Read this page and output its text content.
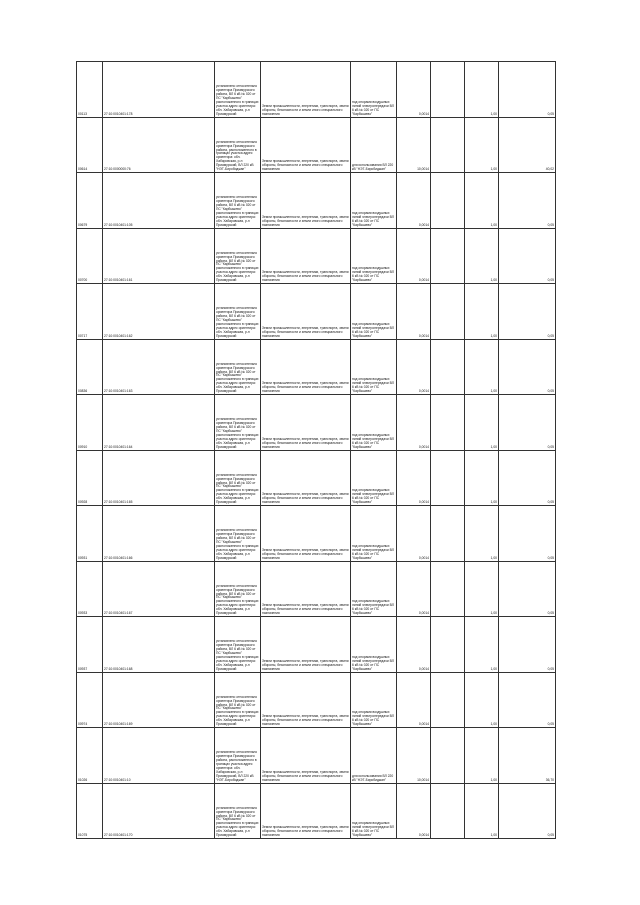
00113	27:10:0010401:178	установлено относительно ориентира Приамурского района, ВЛ 6 кВ № 020 от ПС "Карбышево" расположенного в границах участка адрес ориентира: обл. Хабаровская, р-н Приамурский	Земли промышленности, энергетики, транспорта, земли обороны, безопасности и земли иного специального назначения	под опорами воздушных линий электропередачи ВЛ 6 кВ № 020 от ПС "Карбышево"	0,0014		1,00	0,05
00614	27:10:0000000:76	установлено относительно ориентира Приамурского района, расположенного в границах участка адрес ориентира: обл. Хабаровская, р-н Приамурский, ВЛ 220 кВ "НЭТ-Биробиджан"	Земли промышленности, энергетики, транспорта, земли обороны, безопасности и земли иного специального назначения	для использования ВЛ 220 кВ "НЭТ-Биробиджан"	10,0014		1,00	40,02
00679	27:10:0010401:105	установлено относительно ориентира Приамурского района, ВЛ 6 кВ № 020 от ПС "Карбышево" расположенного в границах участка адрес ориентира: обл. Хабаровская, р-н Приамурский	Земли промышленности, энергетики, транспорта, земли обороны, безопасности и земли иного специального назначения	под опорами воздушных линий электропередачи ВЛ 6 кВ № 020 от ПС "Карбышево"	0,0014		1,00	0,05
00700	27:10:0010401:161	установлено относительно ориентира Приамурского района, ВЛ 6 кВ № 020 от ПС "Карбышево" расположенного в границах участка адрес ориентира: обл. Хабаровская, р-н Приамурский	Земли промышленности, энергетики, транспорта, земли обороны, безопасности и земли иного специального назначения	под опорами воздушных линий электропередачи ВЛ 6 кВ № 020 от ПС "Карбышево"	0,0014		1,00	0,05
00717	27:10:0010401:162	установлено относительно ориентира Приамурского района, ВЛ 6 кВ № 020 от ПС "Карбышево" расположенного в границах участка адрес ориентира: обл. Хабаровская, р-н Приамурский	Земли промышленности, энергетики, транспорта, земли обороны, безопасности и земли иного специального назначения	под опорами воздушных линий электропередачи ВЛ 6 кВ № 020 от ПС "Карбышево"	0,0014		1,00	0,05
00836	27:10:0010401:163	установлено относительно ориентира Приамурского района, ВЛ 6 кВ № 020 от ПС "Карбышево" расположенного в границах участка адрес ориентира: обл. Хабаровская, р-н Приамурский	Земли промышленности, энергетики, транспорта, земли обороны, безопасности и земли иного специального назначения	под опорами воздушных линий электропередачи ВЛ 6 кВ № 020 от ПС "Карбышево"	0,0014		1,00	0,05
00910	27:10:0010401:164	установлено относительно ориентира Приамурского района, ВЛ 6 кВ № 020 от ПС "Карбышево" расположенного в границах участка адрес ориентира: обл. Хабаровская, р-н Приамурский	Земли промышленности, энергетики, транспорта, земли обороны, безопасности и земли иного специального назначения	под опорами воздушных линий электропередачи ВЛ 6 кВ № 020 от ПС "Карбышево"	0,0014		1,00	0,05
00928	27:10:0010401:165	установлено относительно ориентира Приамурского района, ВЛ 6 кВ № 020 от ПС "Карбышево" расположенного в границах участка адрес ориентира: обл. Хабаровская, р-н Приамурский	Земли промышленности, энергетики, транспорта, земли обороны, безопасности и земли иного специального назначения	под опорами воздушных линий электропередачи ВЛ 6 кВ № 020 от ПС "Карбышево"	0,0014		1,00	0,05
00931	27:10:0010401:166	установлено относительно ориентира Приамурского района, ВЛ 6 кВ № 020 от ПС "Карбышево" расположенного в границах участка адрес ориентира: обл. Хабаровская, р-н Приамурский	Земли промышленности, энергетики, транспорта, земли обороны, безопасности и земли иного специального назначения	под опорами воздушных линий электропередачи ВЛ 6 кВ № 020 от ПС "Карбышево"	0,0014		1,00	0,05
00933	27:10:0010401:167	установлено относительно ориентира Приамурского района, ВЛ 6 кВ № 020 от ПС "Карбышево" расположенного в границах участка адрес ориентира: обл. Хабаровская, р-н Приамурский	Земли промышленности, энергетики, транспорта, земли обороны, безопасности и земли иного специального назначения	под опорами воздушных линий электропередачи ВЛ 6 кВ № 020 от ПС "Карбышево"	0,0014		1,00	0,05
00937	27:10:0010401:168	установлено относительно ориентира Приамурского района, ВЛ 6 кВ № 020 от ПС "Карбышево" расположенного в границах участка адрес ориентира: обл. Хабаровская, р-н Приамурский	Земли промышленности, энергетики, транспорта, земли обороны, безопасности и земли иного специального назначения	под опорами воздушных линий электропередачи ВЛ 6 кВ № 020 от ПС "Карбышево"	0,0014		1,00	0,05
00974	27:10:0010401:169	установлено относительно ориентира Приамурского района, ВЛ 6 кВ № 020 от ПС "Карбышево" расположенного в границах участка адрес ориентира: обл. Хабаровская, р-н Приамурский	Земли промышленности, энергетики, транспорта, земли обороны, безопасности и земли иного специального назначения	под опорами воздушных линий электропередачи ВЛ 6 кВ № 020 от ПС "Карбышево"	0,0014		1,00	0,05
01026	27:10:0010401:10	установлено относительно ориентира Приамурского района, расположенного в границах участка адрес ориентира: обл. Хабаровская, р-н Приамурский, ВЛ 220 кВ "НЭТ-Биробиджан"	Земли промышленности, энергетики, транспорта, земли обороны, безопасности и земли иного специального назначения	для использования ВЛ 220 кВ "НЭТ-Биробиджан"	10,0014		1,00	36,70
01075	27:10:0010401:170	установлено относительно ориентира Приамурского района, ВЛ 6 кВ № 020 от ПС "Карбышево" расположенного в границах участка адрес ориентира: обл. Хабаровская, р-н Приамурский	Земли промышленности, энергетики, транспорта, земли обороны, безопасности и земли иного специального назначения	под опорами воздушных линий электропередачи ВЛ 6 кВ № 020 от ПС "Карбышево"	0,0014		1,00	0,05
